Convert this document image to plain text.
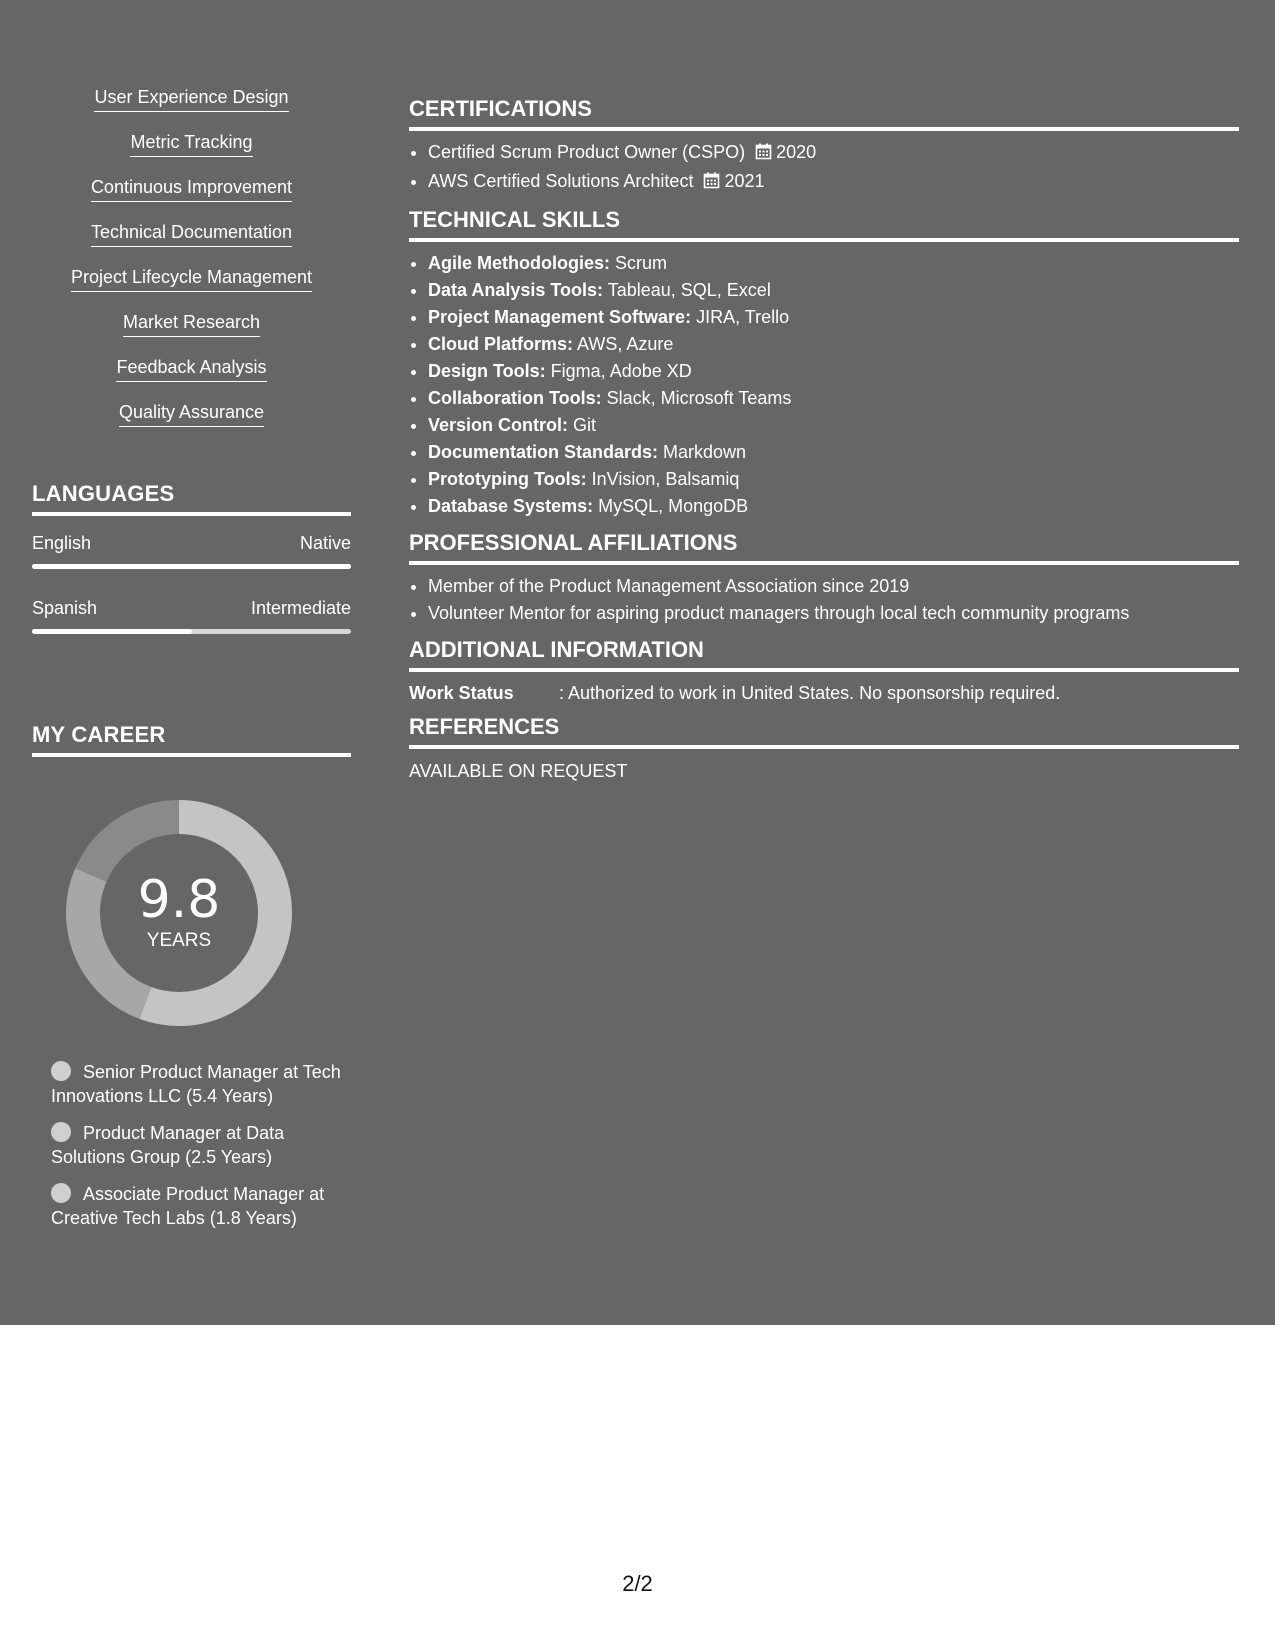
User Experience Design
Metric Tracking
Continuous Improvement
Technical Documentation
Project Lifecycle Management
Market Research
Feedback Analysis
Quality Assurance
LANGUAGES
English	Native
Spanish	Intermediate
MY CAREER
9.8
YEARS
Senior Product Manager at Tech Innovations LLC (5.4 Years)
Product Manager at Data Solutions Group (2.5 Years)
Associate Product Manager at Creative Tech Labs (1.8 Years)
CERTIFICATIONS
• Certified Scrum Product Owner (CSPO) 2020
• AWS Certified Solutions Architect 2021
TECHNICAL SKILLS
• Agile Methodologies: Scrum
• Data Analysis Tools: Tableau, SQL, Excel
• Project Management Software: JIRA, Trello
• Cloud Platforms: AWS, Azure
• Design Tools: Figma, Adobe XD
• Collaboration Tools: Slack, Microsoft Teams
• Version Control: Git
• Documentation Standards: Markdown
• Prototyping Tools: InVision, Balsamiq
• Database Systems: MySQL, MongoDB
PROFESSIONAL AFFILIATIONS
• Member of the Product Management Association since 2019
• Volunteer Mentor for aspiring product managers through local tech community programs
ADDITIONAL INFORMATION
Work Status	: Authorized to work in United States. No sponsorship required.
REFERENCES
AVAILABLE ON REQUEST
2/2
